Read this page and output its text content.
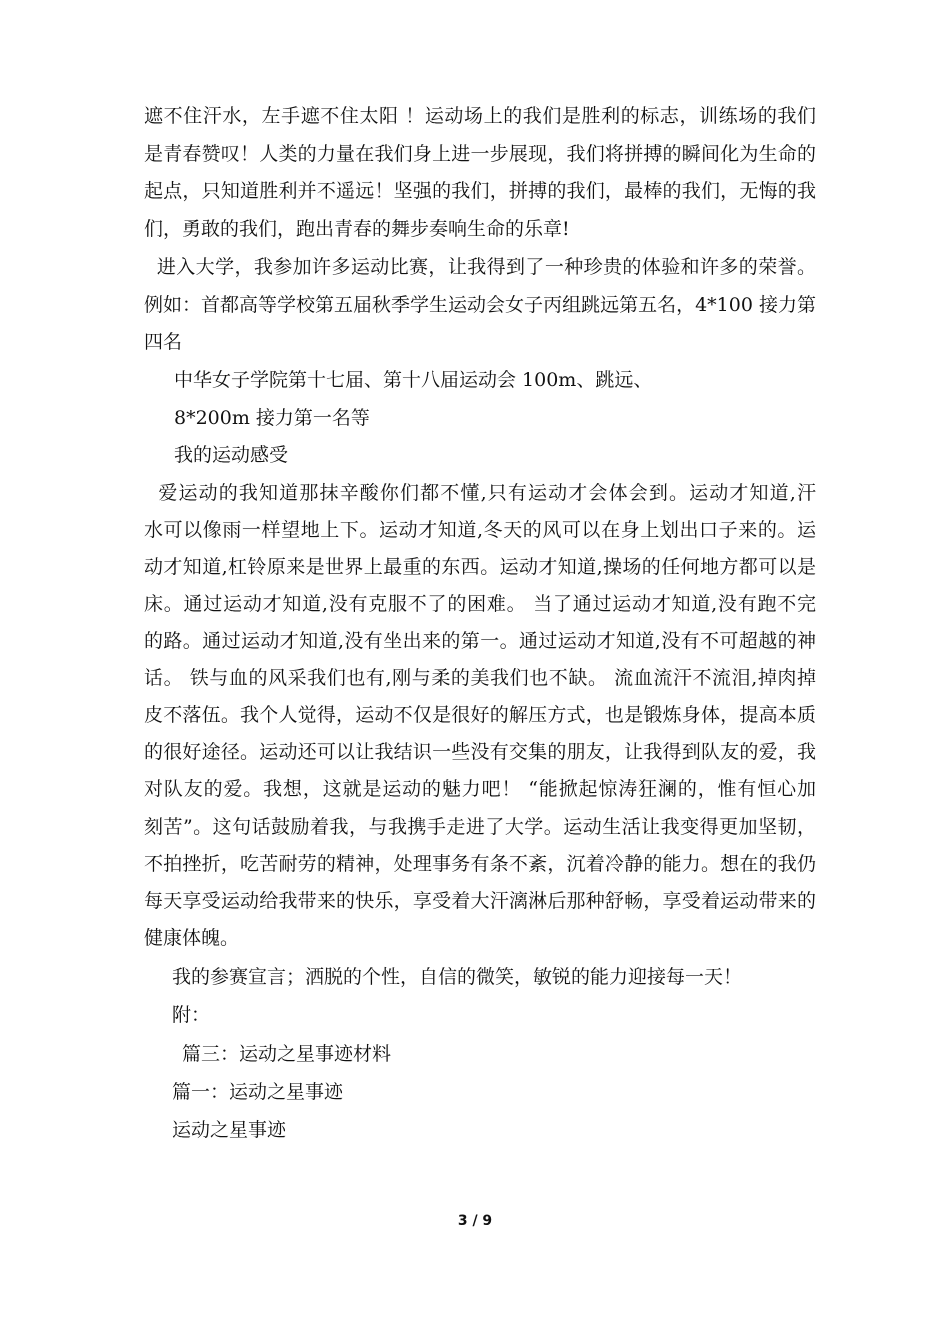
遮不住汗水，左手遮不住太阳 ！运动场上的我们是胜利的标志，训练场的我们
是青春赞叹！人类的力量在我们身上进一步展现，我们将拼搏的瞬间化为生命的
起点，只知道胜利并不遥远！坚强的我们，拼搏的我们，最棒的我们，无悔的我
们，勇敢的我们，跑出青春的舞步奏响生命的乐章!
进入大学，我参加许多运动比赛，让我得到了一种珍贵的体验和许多的荣誉。
例如：首都高等学校第五届秋季学生运动会女子丙组跳远第五名，4*100 接力第
四名
中华女子学院第十七届、第十八届运动会 100m、跳远、
8*200m 接力第一名等
我的运动感受
爱运动的我知道那抹辛酸你们都不懂,只有运动才会体会到。运动才知道,汗
水可以像雨一样望地上下。运动才知道,冬天的风可以在身上划出口子来的。运
动才知道,杠铃原来是世界上最重的东西。运动才知道,操场的任何地方都可以是
床。通过运动才知道,没有克服不了的困难。 当了通过运动才知道,没有跑不完
的路。通过运动才知道,没有坐出来的第一。通过运动才知道,没有不可超越的神
话。 铁与血的风采我们也有,刚与柔的美我们也不缺。 流血流汗不流泪,掉肉掉
皮不落伍。我个人觉得，运动不仅是很好的解压方式，也是锻炼身体，提高本质
的很好途径。运动还可以让我结识一些没有交集的朋友，让我得到队友的爱，我
对队友的爱。我想，这就是运动的魅力吧！ “能掀起惊涛狂澜的，惟有恒心加
刻苦”。这句话鼓励着我，与我携手走进了大学。运动生活让我变得更加坚韧，
不拍挫折，吃苦耐劳的精神，处理事务有条不紊，沉着冷静的能力。想在的我仍
每天享受运动给我带来的快乐，享受着大汗漓淋后那种舒畅，享受着运动带来的
健康体魄。
我的参赛宣言；洒脱的个性，自信的微笑，敏锐的能力迎接每一天！
附：
篇三：运动之星事迹材料
篇一：运动之星事迹
运动之星事迹
3 / 9
